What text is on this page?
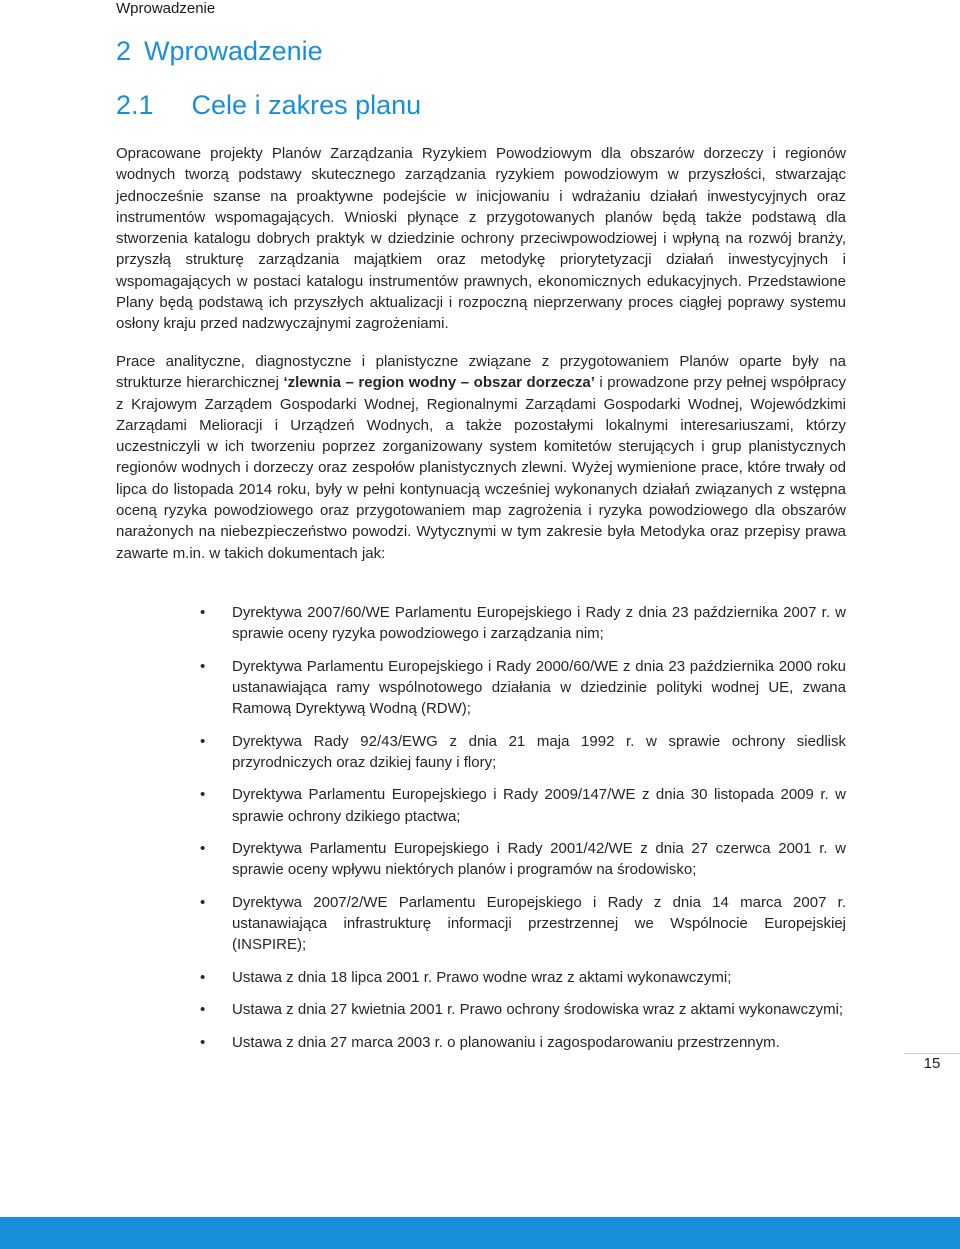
Wprowadzenie
2 Wprowadzenie
2.1 Cele i zakres planu

Opracowane projekty Planów Zarządzania Ryzykiem Powodziowym dla obszarów dorzeczy i regionów wodnych tworzą podstawy skutecznego zarządzania ryzykiem powodziowym w przyszłości, stwarzając jednocześnie szanse na proaktywne podejście w inicjowaniu i wdrażaniu działań inwestycyjnych oraz instrumentów wspomagających. Wnioski płynące z przygotowanych planów będą także podstawą dla stworzenia katalogu dobrych praktyk w dziedzinie ochrony przeciwpowodziowej i wpłyną na rozwój branży, przyszłą strukturę zarządzania majątkiem oraz metodykę priorytetyzacji działań inwestycyjnych i wspomagających w postaci katalogu instrumentów prawnych, ekonomicznych edukacyjnych. Przedstawione Plany będą podstawą ich przyszłych aktualizacji i rozpoczną nieprzerwany proces ciągłej poprawy systemu osłony kraju przed nadzwyczajnymi zagrożeniami.

Prace analityczne, diagnostyczne i planistyczne związane z przygotowaniem Planów oparte były na strukturze hierarchicznej ‘zlewnia – region wodny – obszar dorzecza’ i prowadzone przy pełnej współpracy z Krajowym Zarządem Gospodarki Wodnej, Regionalnymi Zarządami Gospodarki Wodnej, Wojewódzkimi Zarządami Melioracji i Urządzeń Wodnych, a także pozostałymi lokalnymi interesariuszami, którzy uczestniczyli w ich tworzeniu poprzez zorganizowany system komitetów sterujących i grup planistycznych regionów wodnych i dorzeczy oraz zespołów planistycznych zlewni. Wyżej wymienione prace, które trwały od lipca do listopada 2014 roku, były w pełni kontynuacją wcześniej wykonanych działań związanych z wstępna oceną ryzyka powodziowego oraz przygotowaniem map zagrożenia i ryzyka powodziowego dla obszarów narażonych na niebezpieczeństwo powodzi. Wytycznymi w tym zakresie była Metodyka oraz przepisy prawa zawarte m.in. w takich dokumentach jak:

• Dyrektywa 2007/60/WE Parlamentu Europejskiego i Rady z dnia 23 października 2007 r. w sprawie oceny ryzyka powodziowego i zarządzania nim;
• Dyrektywa Parlamentu Europejskiego i Rady 2000/60/WE z dnia 23 października 2000 roku ustanawiająca ramy wspólnotowego działania w dziedzinie polityki wodnej UE, zwana Ramową Dyrektywą Wodną (RDW);
• Dyrektywa Rady 92/43/EWG z dnia 21 maja 1992 r. w sprawie ochrony siedlisk przyrodniczych oraz dzikiej fauny i flory;
• Dyrektywa Parlamentu Europejskiego i Rady 2009/147/WE z dnia 30 listopada 2009 r. w sprawie ochrony dzikiego ptactwa;
• Dyrektywa Parlamentu Europejskiego i Rady 2001/42/WE z dnia 27 czerwca 2001 r. w sprawie oceny wpływu niektórych planów i programów na środowisko;
• Dyrektywa 2007/2/WE Parlamentu Europejskiego i Rady z dnia 14 marca 2007 r. ustanawiająca infrastrukturę informacji przestrzennej we Wspólnocie Europejskiej (INSPIRE);
• Ustawa z dnia 18 lipca 2001 r. Prawo wodne wraz z aktami wykonawczymi;
• Ustawa z dnia 27 kwietnia 2001 r. Prawo ochrony środowiska wraz z aktami wykonawczymi;
• Ustawa z dnia 27 marca 2003 r. o planowaniu i zagospodarowaniu przestrzennym.
15
